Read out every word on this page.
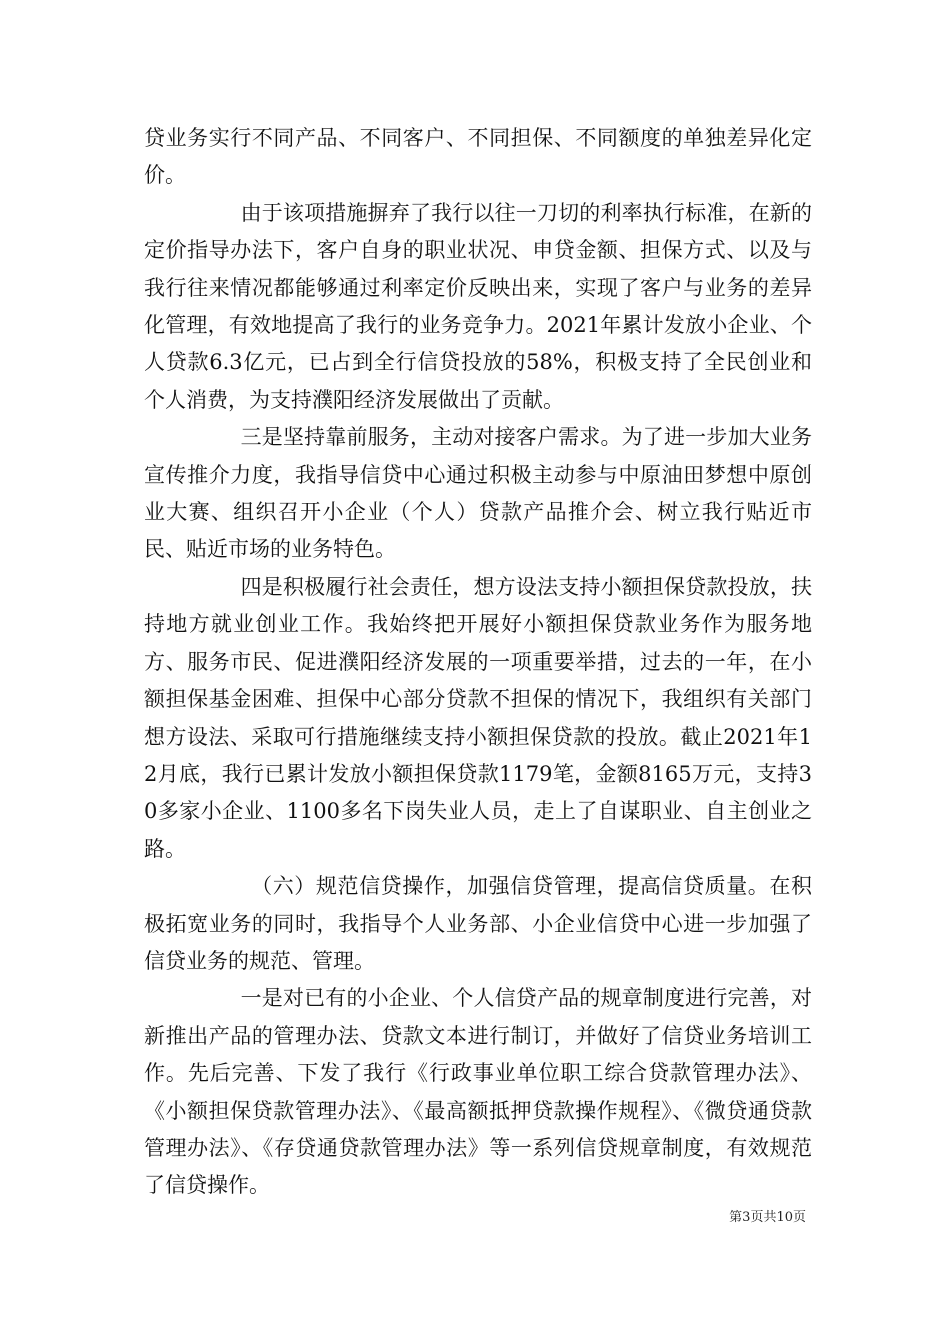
贷业务实行不同产品、不同客户、不同担保、不同额度的单独差异化定价。

由于该项措施摒弃了我行以往一刀切的利率执行标准，在新的定价指导办法下，客户自身的职业状况、申贷金额、担保方式、以及与我行往来情况都能够通过利率定价反映出来，实现了客户与业务的差异化管理，有效地提高了我行的业务竞争力。2021年累计发放小企业、个人贷款6.3亿元，已占到全行信贷投放的58%，积极支持了全民创业和个人消费，为支持濮阳经济发展做出了贡献。

三是坚持靠前服务，主动对接客户需求。为了进一步加大业务宣传推介力度，我指导信贷中心通过积极主动参与中原油田梦想中原创业大赛、组织召开小企业（个人）贷款产品推介会、树立我行贴近市民、贴近市场的业务特色。

四是积极履行社会责任，想方设法支持小额担保贷款投放，扶持地方就业创业工作。我始终把开展好小额担保贷款业务作为服务地方、服务市民、促进濮阳经济发展的一项重要举措，过去的一年，在小额担保基金困难、担保中心部分贷款不担保的情况下，我组织有关部门想方设法、采取可行措施继续支持小额担保贷款的投放。截止2021年12月底，我行已累计发放小额担保贷款1179笔，金额8165万元，支持30多家小企业、1100多名下岗失业人员，走上了自谋职业、自主创业之路。

（六）规范信贷操作，加强信贷管理，提高信贷质量。在积极拓宽业务的同时，我指导个人业务部、小企业信贷中心进一步加强了信贷业务的规范、管理。

一是对已有的小企业、个人信贷产品的规章制度进行完善，对新推出产品的管理办法、贷款文本进行制订，并做好了信贷业务培训工作。先后完善、下发了我行《行政事业单位职工综合贷款管理办法》、《小额担保贷款管理办法》、《最高额抵押贷款操作规程》、《微贷通贷款管理办法》、《存贷通贷款管理办法》等一系列信贷规章制度，有效规范了信贷操作。

第3页共10页
